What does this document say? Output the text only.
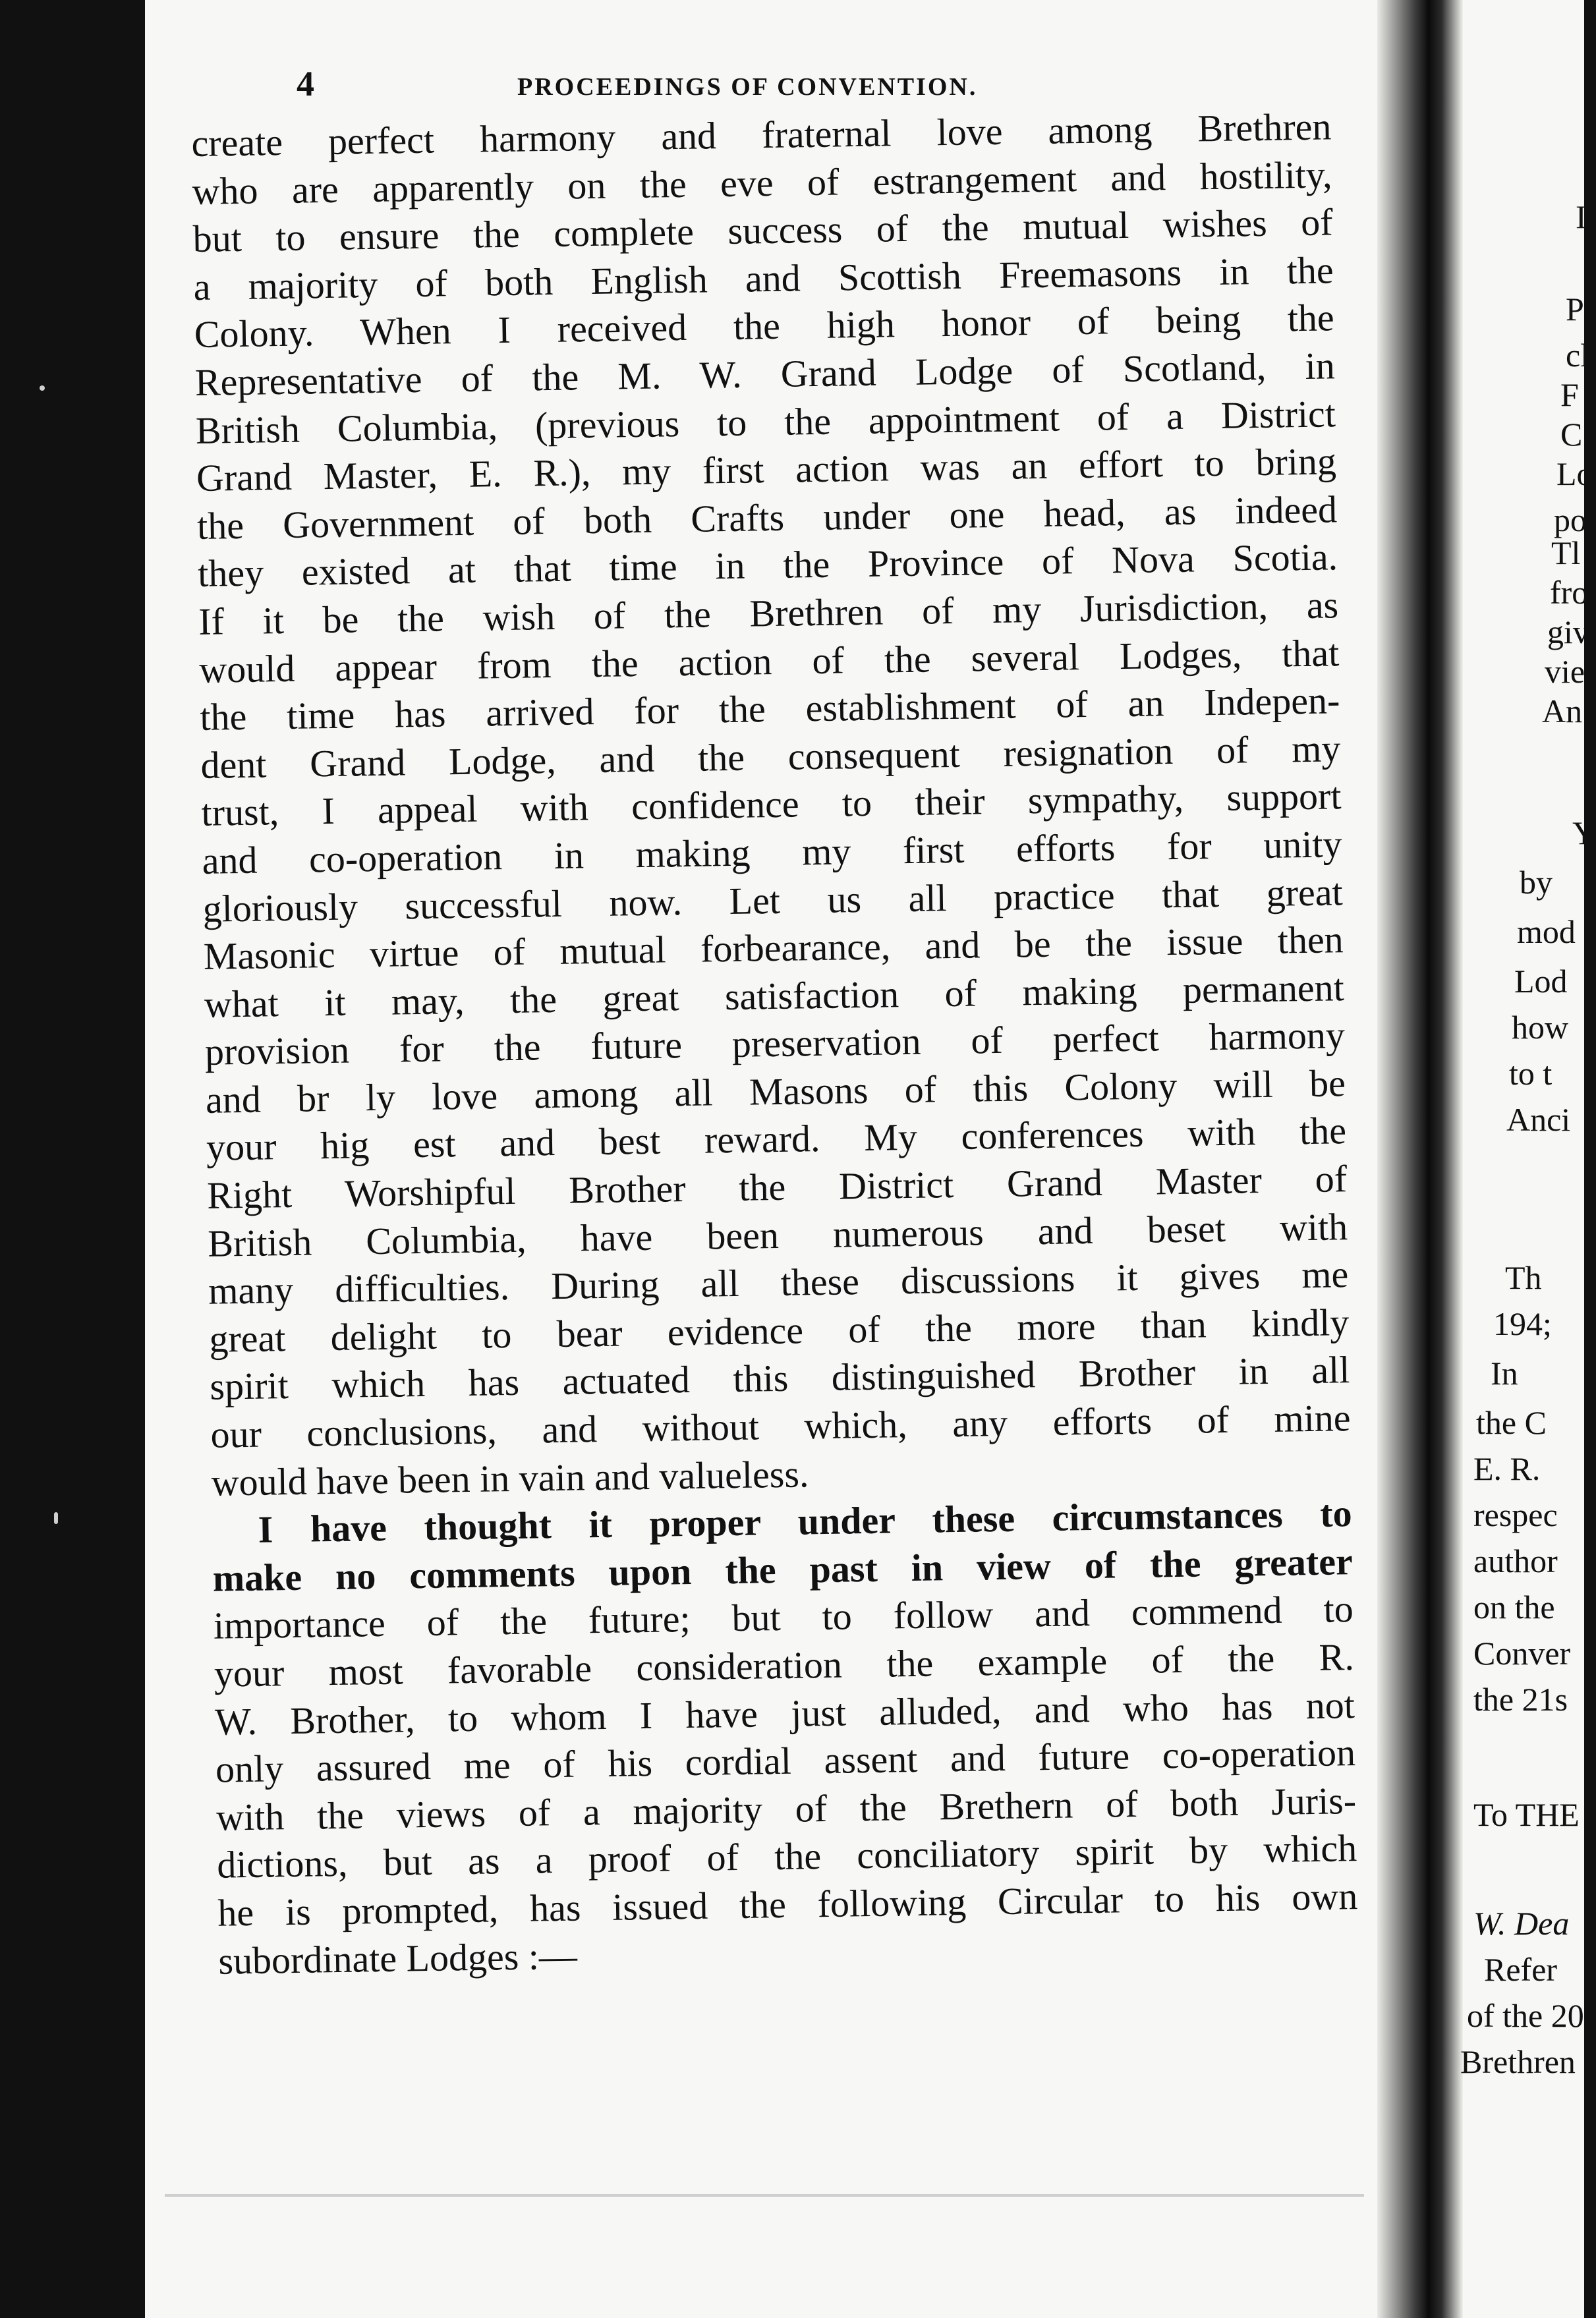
4	PROCEEDINGS OF CONVENTION.
create perfect harmony and fraternal love among Brethren
who are apparently on the eve of estrangement and hostility,
but to ensure the complete success of the mutual wishes of
a majority of both English and Scottish Freemasons in the
Colony. When I received the high honor of being the
Representative of the M. W. Grand Lodge of Scotland, in
British Columbia, (previous to the appointment of a District
Grand Master, E. R.), my first action was an effort to bring
the Government of both Crafts under one head, as indeed
they existed at that time in the Province of Nova Scotia.
If it be the wish of the Brethren of my Jurisdiction, as
would appear from the action of the several Lodges, that
the time has arrived for the establishment of an Indepen-
dent Grand Lodge, and the consequent resignation of my
trust, I appeal with confidence to their sympathy, support
and co-operation in making my first efforts for unity
gloriously successful now. Let us all practice that great
Masonic virtue of mutual forbearance, and be the issue then
what it may, the great satisfaction of making permanent
provision for the future preservation of perfect harmony
and br ly love among all Masons of this Colony will be
your hig est and best reward. My conferences with the
Right Worshipful Brother the District Grand Master of
British Columbia, have been numerous and beset with
many difficulties. During all these discussions it gives me
great delight to bear evidence of the more than kindly
spirit which has actuated this distinguished Brother in all
our conclusions, and without which, any efforts of mine
would have been in vain and valueless.
I have thought it proper under these circumstances to
make no comments upon the past in view of the greater
importance of the future; but to follow and commend to
your most favorable consideration the example of the R.
W. Brother, to whom I have just alluded, and who has not
only assured me of his cordial assent and future co-operation
with the views of a majority of the Brethern of both Juris-
dictions, but as a proof of the conciliatory spirit by which
he is prompted, has issued the following Circular to his own
subordinate Lodges :—
I
P
cl
F
C
Lo
po
Tl
fro
giv
vie
An
Y
by
mod
Lod
how
to t
Anci
Th
194;
In
the C
E. R.
respec
author
on the
Conver
the 21s
To THE
W. Dea
Refer
of the 20
Brethren
